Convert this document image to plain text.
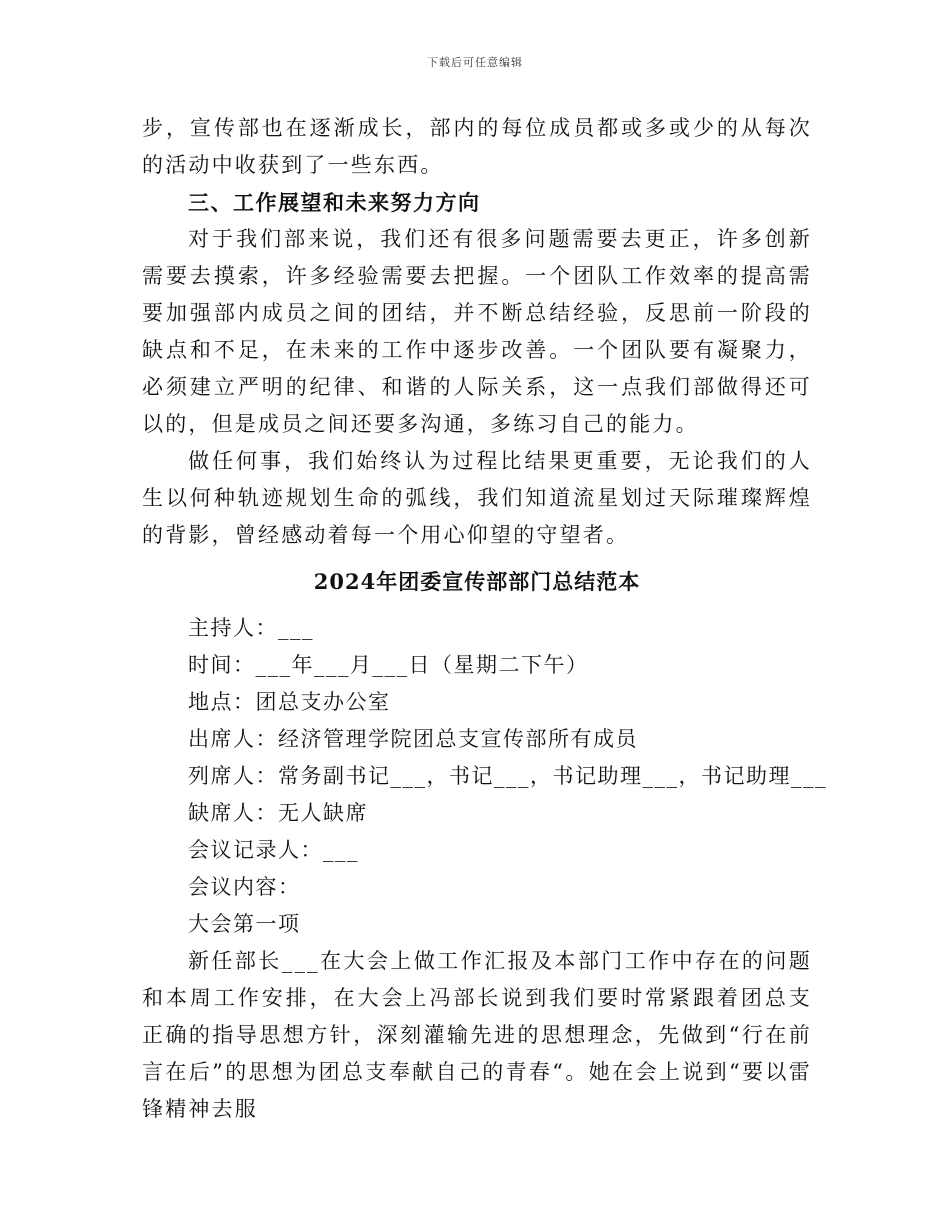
下载后可任意编辑

步，宣传部也在逐渐成长，部内的每位成员都或多或少的从每次的活动中收获到了一些东西。

三、工作展望和未来努力方向

对于我们部来说，我们还有很多问题需要去更正，许多创新需要去摸索，许多经验需要去把握。一个团队工作效率的提高需要加强部内成员之间的团结，并不断总结经验，反思前一阶段的缺点和不足，在未来的工作中逐步改善。一个团队要有凝聚力，必须建立严明的纪律、和谐的人际关系，这一点我们部做得还可以的，但是成员之间还要多沟通，多练习自己的能力。

做任何事，我们始终认为过程比结果更重要，无论我们的人生以何种轨迹规划生命的弧线，我们知道流星划过天际璀璨辉煌的背影，曾经感动着每一个用心仰望的守望者。

2024年团委宣传部部门总结范本

主持人：___

时间：___年___月___日（星期二下午）

地点：团总支办公室

出席人：经济管理学院团总支宣传部所有成员

列席人：常务副书记___，书记___，书记助理___，书记助理___

缺席人：无人缺席

会议记录人：___

会议内容：

大会第一项

新任部长___在大会上做工作汇报及本部门工作中存在的问题和本周工作安排，在大会上冯部长说到我们要时常紧跟着团总支正确的指导思想方针，深刻灌输先进的思想理念，先做到“行在前言在后”的思想为团总支奉献自己的青春“。她在会上说到“要以雷锋精神去服
